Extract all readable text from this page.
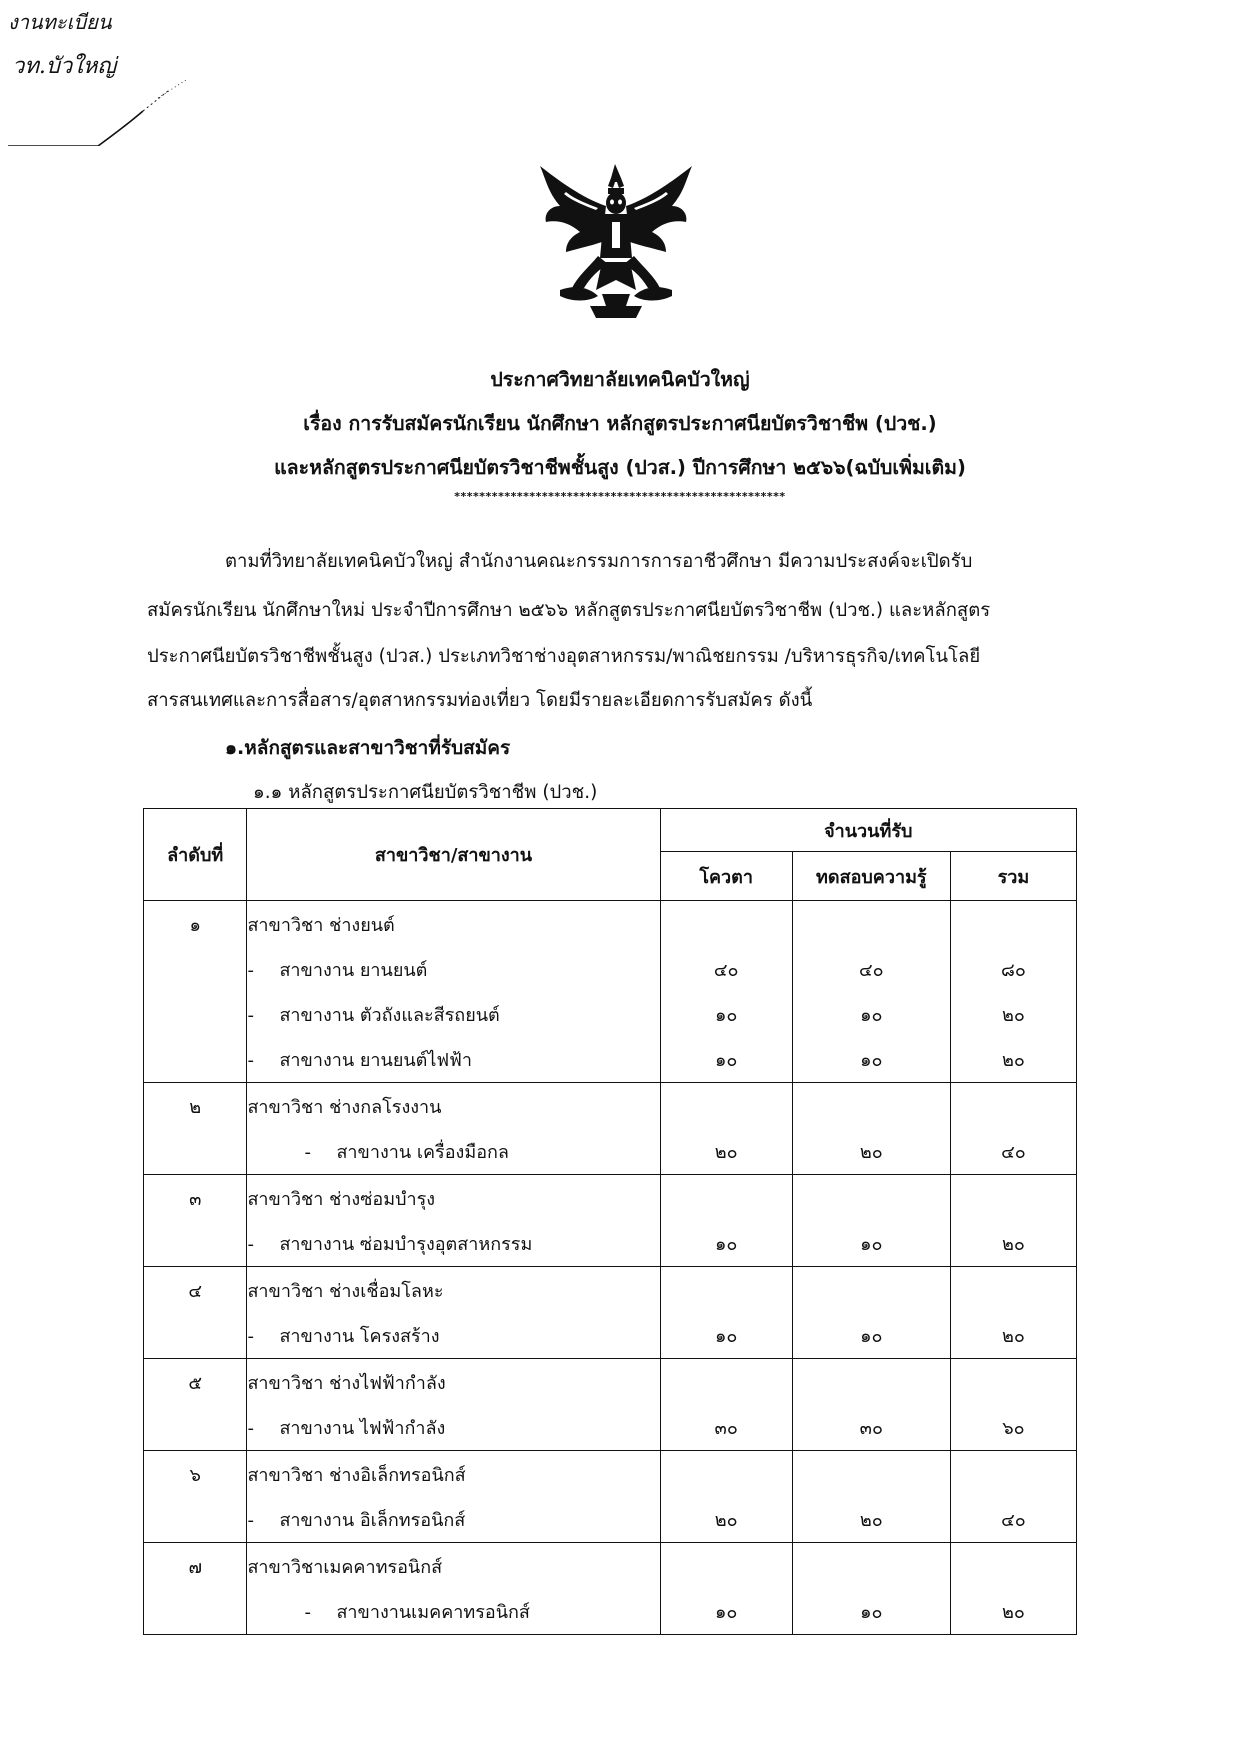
งานทะเบียน
วท.บัวใหญ่
ประกาศวิทยาลัยเทคนิคบัวใหญ่
เรื่อง การรับสมัครนักเรียน นักศึกษา หลักสูตรประกาศนียบัตรวิชาชีพ (ปวช.)
และหลักสูตรประกาศนียบัตรวิชาชีพชั้นสูง (ปวส.) ปีการศึกษา ๒๕๖๖(ฉบับเพิ่มเติม)
*****************************************************
ตามที่วิทยาลัยเทคนิคบัวใหญ่ สำนักงานคณะกรรมการการอาชีวศึกษา มีความประสงค์จะเปิดรับ
สมัครนักเรียน นักศึกษาใหม่ ประจำปีการศึกษา ๒๕๖๖ หลักสูตรประกาศนียบัตรวิชาชีพ (ปวช.) และหลักสูตร
ประกาศนียบัตรวิชาชีพชั้นสูง (ปวส.) ประเภทวิชาช่างอุตสาหกรรม/พาณิชยกรรม /บริหารธุรกิจ/เทคโนโลยี
สารสนเทศและการสื่อสาร/อุตสาหกรรมท่องเที่ยว โดยมีรายละเอียดการรับสมัคร ดังนี้
๑.หลักสูตรและสาขาวิชาที่รับสมัคร
๑.๑ หลักสูตรประกาศนียบัตรวิชาชีพ (ปวช.)
ลำดับที่	สาขาวิชา/สาขางาน	จำนวนที่รับ		
		โควตา	ทดสอบความรู้	รวม
๑	สาขาวิชา ช่างยนต์			
	- สาขางาน ยานยนต์	๔๐	๔๐	๘๐
	- สาขางาน ตัวถังและสีรถยนต์	๑๐	๑๐	๒๐
	- สาขางาน ยานยนต์ไฟฟ้า	๑๐	๑๐	๒๐
๒	สาขาวิชา ช่างกลโรงงาน			
	- สาขางาน เครื่องมือกล	๒๐	๒๐	๔๐
๓	สาขาวิชา ช่างซ่อมบำรุง			
	- สาขางาน ซ่อมบำรุงอุตสาหกรรม	๑๐	๑๐	๒๐
๔	สาขาวิชา ช่างเชื่อมโลหะ			
	- สาขางาน โครงสร้าง	๑๐	๑๐	๒๐
๕	สาขาวิชา ช่างไฟฟ้ากำลัง			
	- สาขางาน ไฟฟ้ากำลัง	๓๐	๓๐	๖๐
๖	สาขาวิชา ช่างอิเล็กทรอนิกส์			
	- สาขางาน อิเล็กทรอนิกส์	๒๐	๒๐	๔๐
๗	สาขาวิชาเมคคาทรอนิกส์			
	- สาขางานเมคคาทรอนิกส์	๑๐	๑๐	๒๐
